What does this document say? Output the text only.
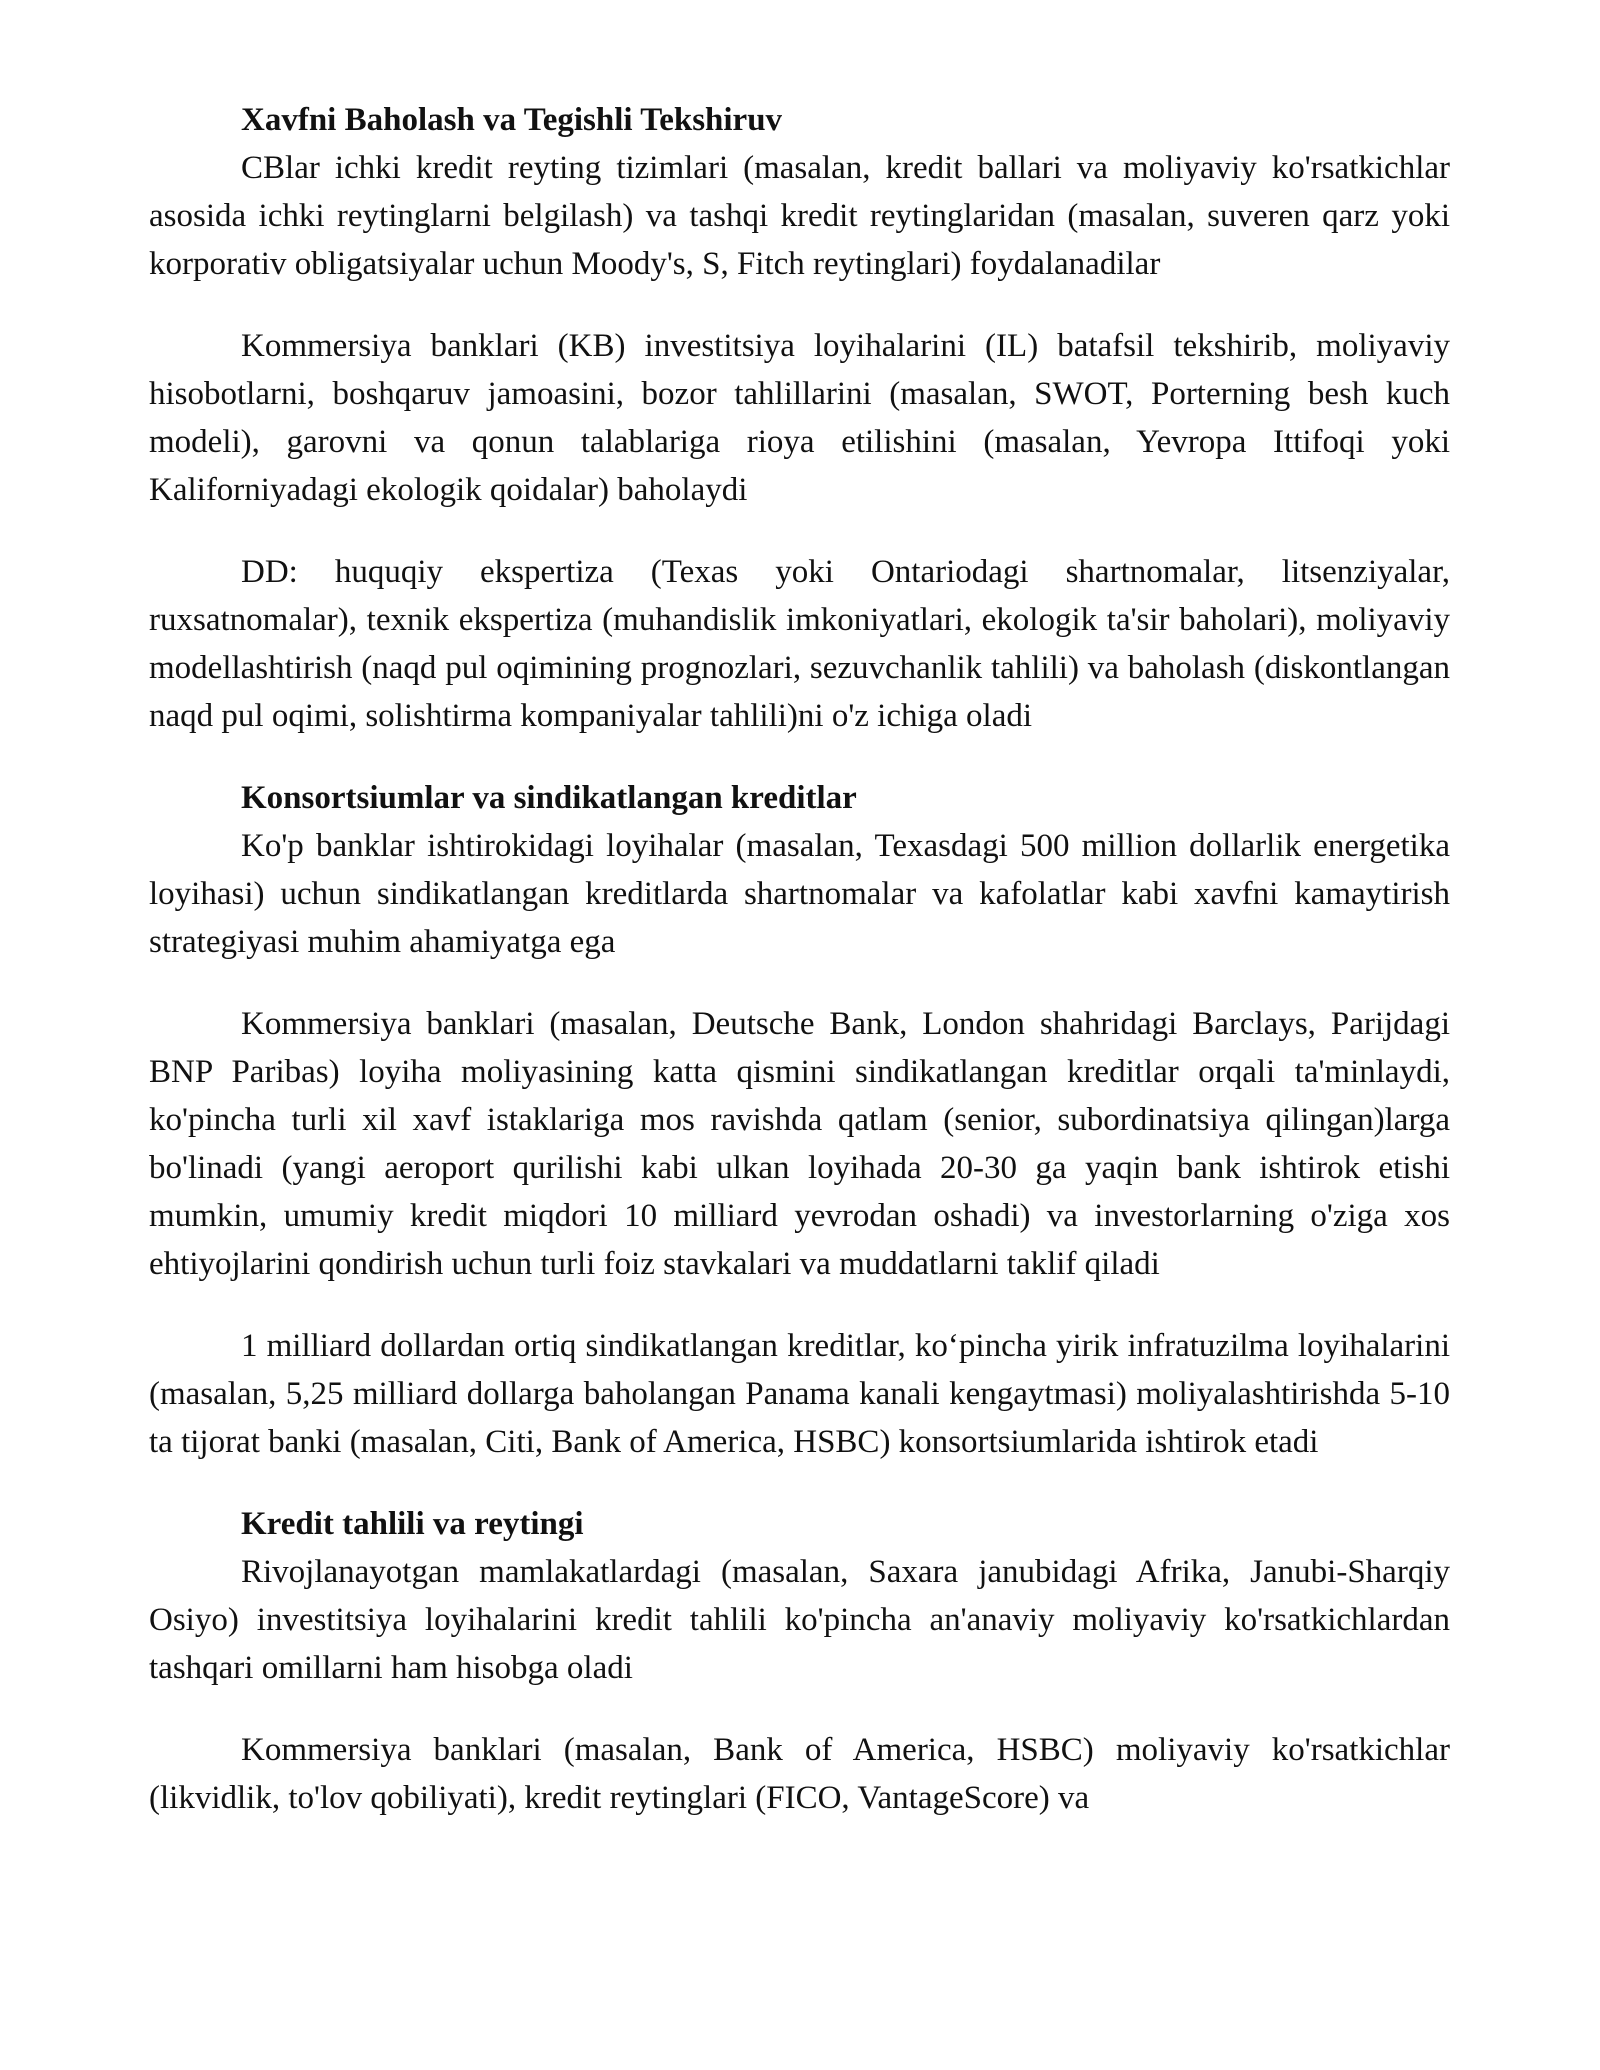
Xavfni Baholash va Tegishli Tekshiruv

CBlar ichki kredit reyting tizimlari (masalan, kredit ballari va moliyaviy ko'rsatkichlar asosida ichki reytinglarni belgilash) va tashqi kredit reytinglaridan (masalan, suveren qarz yoki korporativ obligatsiyalar uchun Moody's, S, Fitch reytinglari) foydalanadilar

Kommersiya banklari (KB) investitsiya loyihalarini (IL) batafsil tekshirib, moliyaviy hisobotlarni, boshqaruv jamoasini, bozor tahlillarini (masalan, SWOT, Porterning besh kuch modeli), garovni va qonun talablariga rioya etilishini (masalan, Yevropa Ittifoqi yoki Kaliforniyadagi ekologik qoidalar) baholaydi

DD: huquqiy ekspertiza (Texas yoki Ontariodagi shartnomalar, litsenziyalar, ruxsatnomalar), texnik ekspertiza (muhandislik imkoniyatlari, ekologik ta'sir baholari), moliyaviy modellashtirish (naqd pul oqimining prognozlari, sezuvchanlik tahlili) va baholash (diskontlangan naqd pul oqimi, solishtirma kompaniyalar tahlili)ni o'z ichiga oladi

Konsortsiumlar va sindikatlangan kreditlar

Ko'p banklar ishtirokidagi loyihalar (masalan, Texasdagi 500 million dollarlik energetika loyihasi) uchun sindikatlangan kreditlarda shartnomalar va kafolatlar kabi xavfni kamaytirish strategiyasi muhim ahamiyatga ega

Kommersiya banklari (masalan, Deutsche Bank, London shahridagi Barclays, Parijdagi BNP Paribas) loyiha moliyasining katta qismini sindikatlangan kreditlar orqali ta'minlaydi, ko'pincha turli xil xavf istaklariga mos ravishda qatlam (senior, subordinatsiya qilingan)larga bo'linadi (yangi aeroport qurilishi kabi ulkan loyihada 20-30 ga yaqin bank ishtirok etishi mumkin, umumiy kredit miqdori 10 milliard yevrodan oshadi) va investorlarning o'ziga xos ehtiyojlarini qondirish uchun turli foiz stavkalari va muddatlarni taklif qiladi

1 milliard dollardan ortiq sindikatlangan kreditlar, ko‘pincha yirik infratuzilma loyihalarini (masalan, 5,25 milliard dollarga baholangan Panama kanali kengaytmasi) moliyalashtirishda 5-10 ta tijorat banki (masalan, Citi, Bank of America, HSBC) konsortsiumlarida ishtirok etadi

Kredit tahlili va reytingi

Rivojlanayotgan mamlakatlardagi (masalan, Saxara janubidagi Afrika, Janubi-Sharqiy Osiyo) investitsiya loyihalarini kredit tahlili ko'pincha an'anaviy moliyaviy ko'rsatkichlardan tashqari omillarni ham hisobga oladi

Kommersiya banklari (masalan, Bank of America, HSBC) moliyaviy ko'rsatkichlar (likvidlik, to'lov qobiliyati), kredit reytinglari (FICO, VantageScore) va
